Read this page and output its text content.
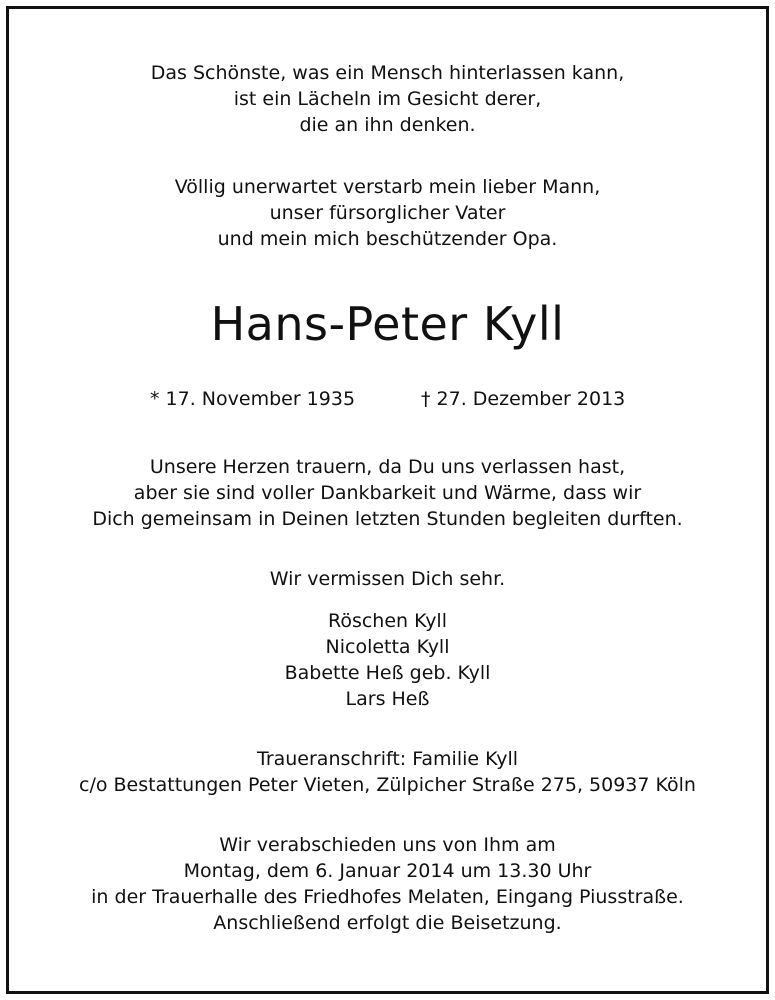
Das Schönste, was ein Mensch hinterlassen kann,
ist ein Lächeln im Gesicht derer,
die an ihn denken.
Völlig unerwartet verstarb mein lieber Mann,
unser fürsorglicher Vater
und mein mich beschützender Opa.
Hans-Peter Kyll
* 17. November 1935	† 27. Dezember 2013
Unsere Herzen trauern, da Du uns verlassen hast,
aber sie sind voller Dankbarkeit und Wärme, dass wir
Dich gemeinsam in Deinen letzten Stunden begleiten durften.
Wir vermissen Dich sehr.
Röschen Kyll
Nicoletta Kyll
Babette Heß geb. Kyll
Lars Heß
Traueranschrift: Familie Kyll
c/o Bestattungen Peter Vieten, Zülpicher Straße 275, 50937 Köln
Wir verabschieden uns von Ihm am
Montag, dem 6. Januar 2014 um 13.30 Uhr
in der Trauerhalle des Friedhofes Melaten, Eingang Piusstraße.
Anschließend erfolgt die Beisetzung.
